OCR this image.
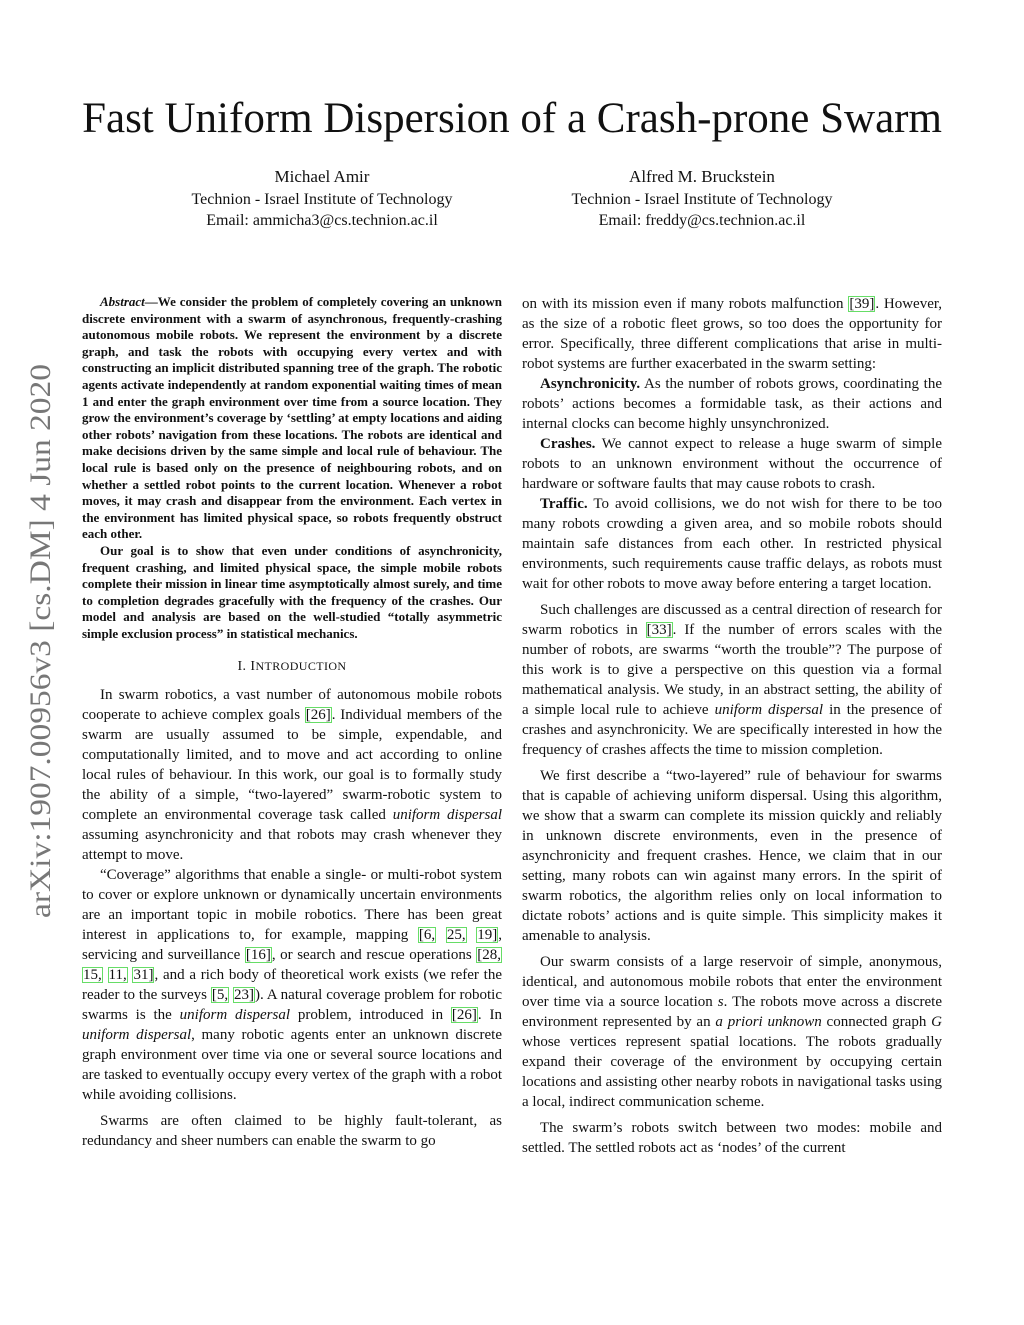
arXiv:1907.00956v3 [cs.DM] 4 Jun 2020
Fast Uniform Dispersion of a Crash-prone Swarm
Michael Amir
Technion - Israel Institute of Technology
Email: ammicha3@cs.technion.ac.il
Alfred M. Bruckstein
Technion - Israel Institute of Technology
Email: freddy@cs.technion.ac.il

Abstract—We consider the problem of completely covering an unknown discrete environment with a swarm of asynchronous, frequently-crashing autonomous mobile robots. We represent the environment by a discrete graph, and task the robots with occupying every vertex and with constructing an implicit distributed spanning tree of the graph. The robotic agents activate independently at random exponential waiting times of mean 1 and enter the graph environment over time from a source location. They grow the environment’s coverage by ‘settling’ at empty locations and aiding other robots’ navigation from these locations. The robots are identical and make decisions driven by the same simple and local rule of behaviour. The local rule is based only on the presence of neighbouring robots, and on whether a settled robot points to the current location. Whenever a robot moves, it may crash and disappear from the environment. Each vertex in the environment has limited physical space, so robots frequently obstruct each other.

Our goal is to show that even under conditions of asynchronicity, frequent crashing, and limited physical space, the simple mobile robots complete their mission in linear time asymptotically almost surely, and time to completion degrades gracefully with the frequency of the crashes. Our model and analysis are based on the well-studied “totally asymmetric simple exclusion process” in statistical mechanics.

I. INTRODUCTION

In swarm robotics, a vast number of autonomous mobile robots cooperate to achieve complex goals [26]. Individual members of the swarm are usually assumed to be simple, expendable, and computationally limited, and to move and act according to online local rules of behaviour. In this work, our goal is to formally study the ability of a simple, “two-layered” swarm-robotic system to complete an environmental coverage task called uniform dispersal assuming asynchronicity and that robots may crash whenever they attempt to move.

“Coverage” algorithms that enable a single- or multi-robot system to cover or explore unknown or dynamically uncertain environments are an important topic in mobile robotics. There has been great interest in applications to, for example, mapping [6, 25, 19], servicing and surveillance [16], or search and rescue operations [28, 15, 11, 31], and a rich body of theoretical work exists (we refer the reader to the surveys [5, 23]). A natural coverage problem for robotic swarms is the uniform dispersal problem, introduced in [26]. In uniform dispersal, many robotic agents enter an unknown discrete graph environment over time via one or several source locations and are tasked to eventually occupy every vertex of the graph with a robot while avoiding collisions.

Swarms are often claimed to be highly fault-tolerant, as redundancy and sheer numbers can enable the swarm to go

on with its mission even if many robots malfunction [39]. However, as the size of a robotic fleet grows, so too does the opportunity for error. Specifically, three different complications that arise in multi-robot systems are further exacerbated in the swarm setting:

Asynchronicity. As the number of robots grows, coordinating the robots’ actions becomes a formidable task, as their actions and internal clocks can become highly unsynchronized.

Crashes. We cannot expect to release a huge swarm of simple robots to an unknown environment without the occurrence of hardware or software faults that may cause robots to crash.

Traffic. To avoid collisions, we do not wish for there to be too many robots crowding a given area, and so mobile robots should maintain safe distances from each other. In restricted physical environments, such requirements cause traffic delays, as robots must wait for other robots to move away before entering a target location.

Such challenges are discussed as a central direction of research for swarm robotics in [33]. If the number of errors scales with the number of robots, are swarms “worth the trouble”? The purpose of this work is to give a perspective on this question via a formal mathematical analysis. We study, in an abstract setting, the ability of a simple local rule to achieve uniform dispersal in the presence of crashes and asynchronicity. We are specifically interested in how the frequency of crashes affects the time to mission completion.

We first describe a “two-layered” rule of behaviour for swarms that is capable of achieving uniform dispersal. Using this algorithm, we show that a swarm can complete its mission quickly and reliably in unknown discrete environments, even in the presence of asynchronicity and frequent crashes. Hence, we claim that in our setting, many robots can win against many errors. In the spirit of swarm robotics, the algorithm relies only on local information to dictate robots’ actions and is quite simple. This simplicity makes it amenable to analysis.

Our swarm consists of a large reservoir of simple, anonymous, identical, and autonomous mobile robots that enter the environment over time via a source location s. The robots move across a discrete environment represented by an a priori unknown connected graph G whose vertices represent spatial locations. The robots gradually expand their coverage of the environment by occupying certain locations and assisting other nearby robots in navigational tasks using a local, indirect communication scheme.

The swarm’s robots switch between two modes: mobile and settled. The settled robots act as ‘nodes’ of the current
